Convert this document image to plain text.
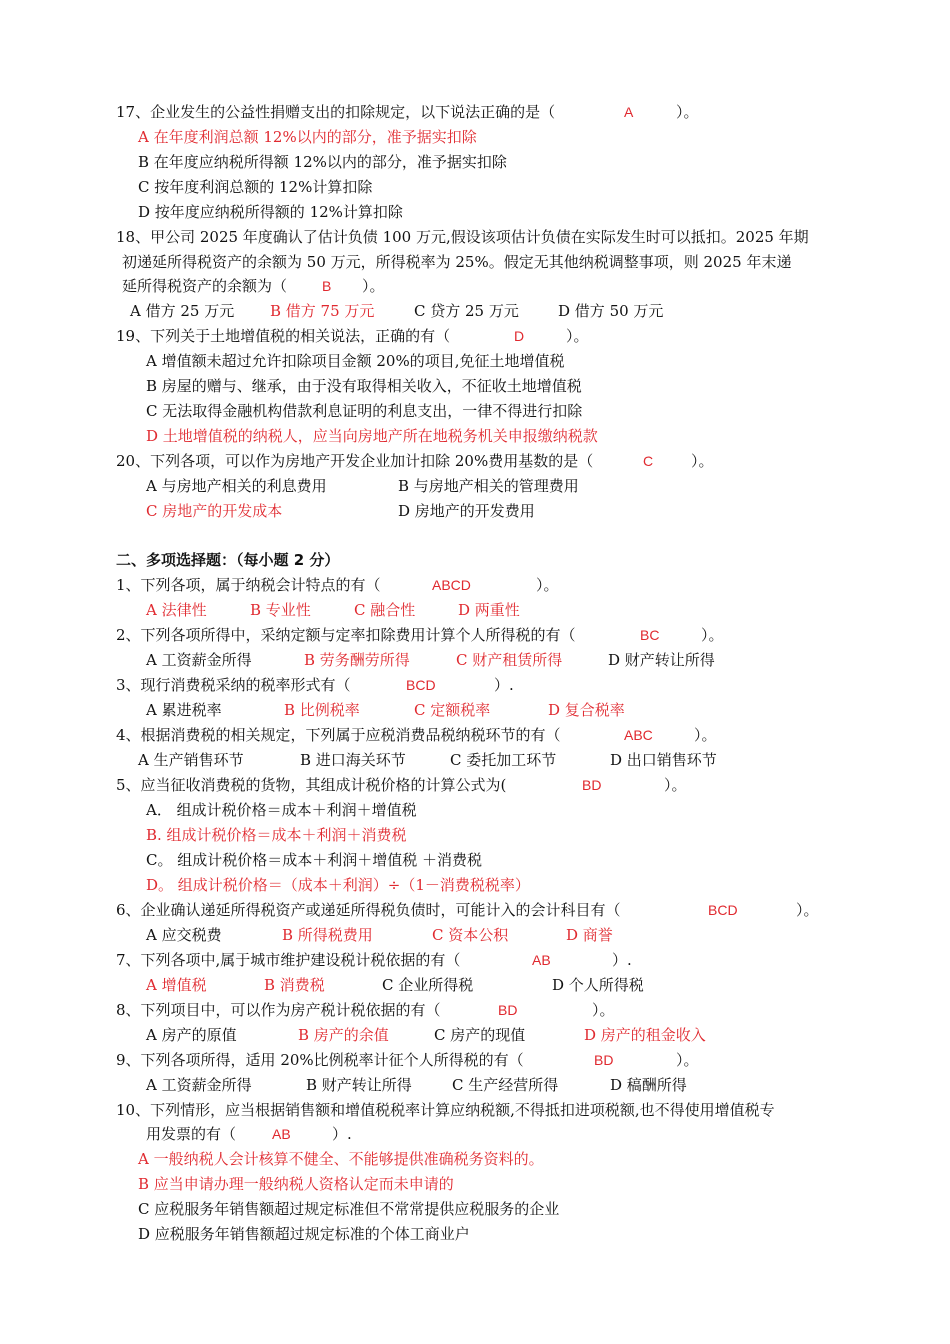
17、企业发生的公益性捐赠支出的扣除规定，以下说法正确的是（	A	）。
A 在年度利润总额 12%以内的部分，准予据实扣除
B 在年度应纳税所得额 12%以内的部分，准予据实扣除
C 按年度利润总额的 12%计算扣除
D 按年度应纳税所得额的 12%计算扣除
18、甲公司 2025 年度确认了估计负债 100 万元,假设该项估计负债在实际发生时可以抵扣。2025 年期
初递延所得税资产的余额为 50 万元，所得税率为 25%。假定无其他纳税调整事项，则 2025 年末递
延所得税资产的余额为（ B ）。
A 借方 25 万元 B 借方 75 万元	C 贷方 25 万元	D 借方 50 万元
19、下列关于土地增值税的相关说法，正确的有（	D	）。
A 增值额未超过允许扣除项目金额 20%的项目,免征土地增值税
B 房屋的赠与、继承，由于没有取得相关收入，不征收土地增值税
C 无法取得金融机构借款利息证明的利息支出，一律不得进行扣除
D 土地增值税的纳税人，应当向房地产所在地税务机关申报缴纳税款
20、下列各项，可以作为房地产开发企业加计扣除 20%费用基数的是（	C	）。
A 与房地产相关的利息费用	B 与房地产相关的管理费用
C 房地产的开发成本	D 房地产的开发费用
二、多项选择题：（每小题 2 分）
1、下列各项，属于纳税会计特点的有（	ABCD	）。
A 法律性	B 专业性	C 融合性	D 两重性
2、下列各项所得中，采纳定额与定率扣除费用计算个人所得税的有（	BC	）。
A 工资薪金所得	B 劳务酬劳所得	C 财产租赁所得	D 财产转让所得
3、现行消费税采纳的税率形式有（	BCD	）.
A 累进税率	B 比例税率	C 定额税率	D 复合税率
4、根据消费税的相关规定，下列属于应税消费品税纳税环节的有（	ABC	）。
A 生产销售环节	B 进口海关环节	C 委托加工环节	D 出口销售环节
5、应当征收消费税的货物，其组成计税价格的计算公式为(	BD	）。
A． 组成计税价格＝成本＋利润＋增值税
B. 组成计税价格＝成本＋利润＋消费税
C。 组成计税价格＝成本＋利润＋增值税 ＋消费税
D。 组成计税价格＝（成本＋利润）÷（1－消费税税率）
6、企业确认递延所得税资产或递延所得税负债时，可能计入的会计科目有（	BCD	）。
A 应交税费	B 所得税费用	C 资本公积	D 商誉
7、下列各项中,属于城市维护建设税计税依据的有（	AB	）.
A 增值税	B 消费税	C 企业所得税	D 个人所得税
8、下列项目中，可以作为房产税计税依据的有（	BD	）。
A 房产的原值	B 房产的余值	C 房产的现值	D 房产的租金收入
9、下列各项所得，适用 20%比例税率计征个人所得税的有（	BD	）。
A 工资薪金所得	B 财产转让所得	C 生产经营所得	D 稿酬所得
10、下列情形，应当根据销售额和增值税税率计算应纳税额,不得抵扣进项税额,也不得使用增值税专
用发票的有（	AB	）.
A 一般纳税人会计核算不健全、不能够提供准确税务资料的。
B 应当申请办理一般纳税人资格认定而未申请的
C 应税服务年销售额超过规定标准但不常常提供应税服务的企业
D 应税服务年销售额超过规定标准的个体工商业户
